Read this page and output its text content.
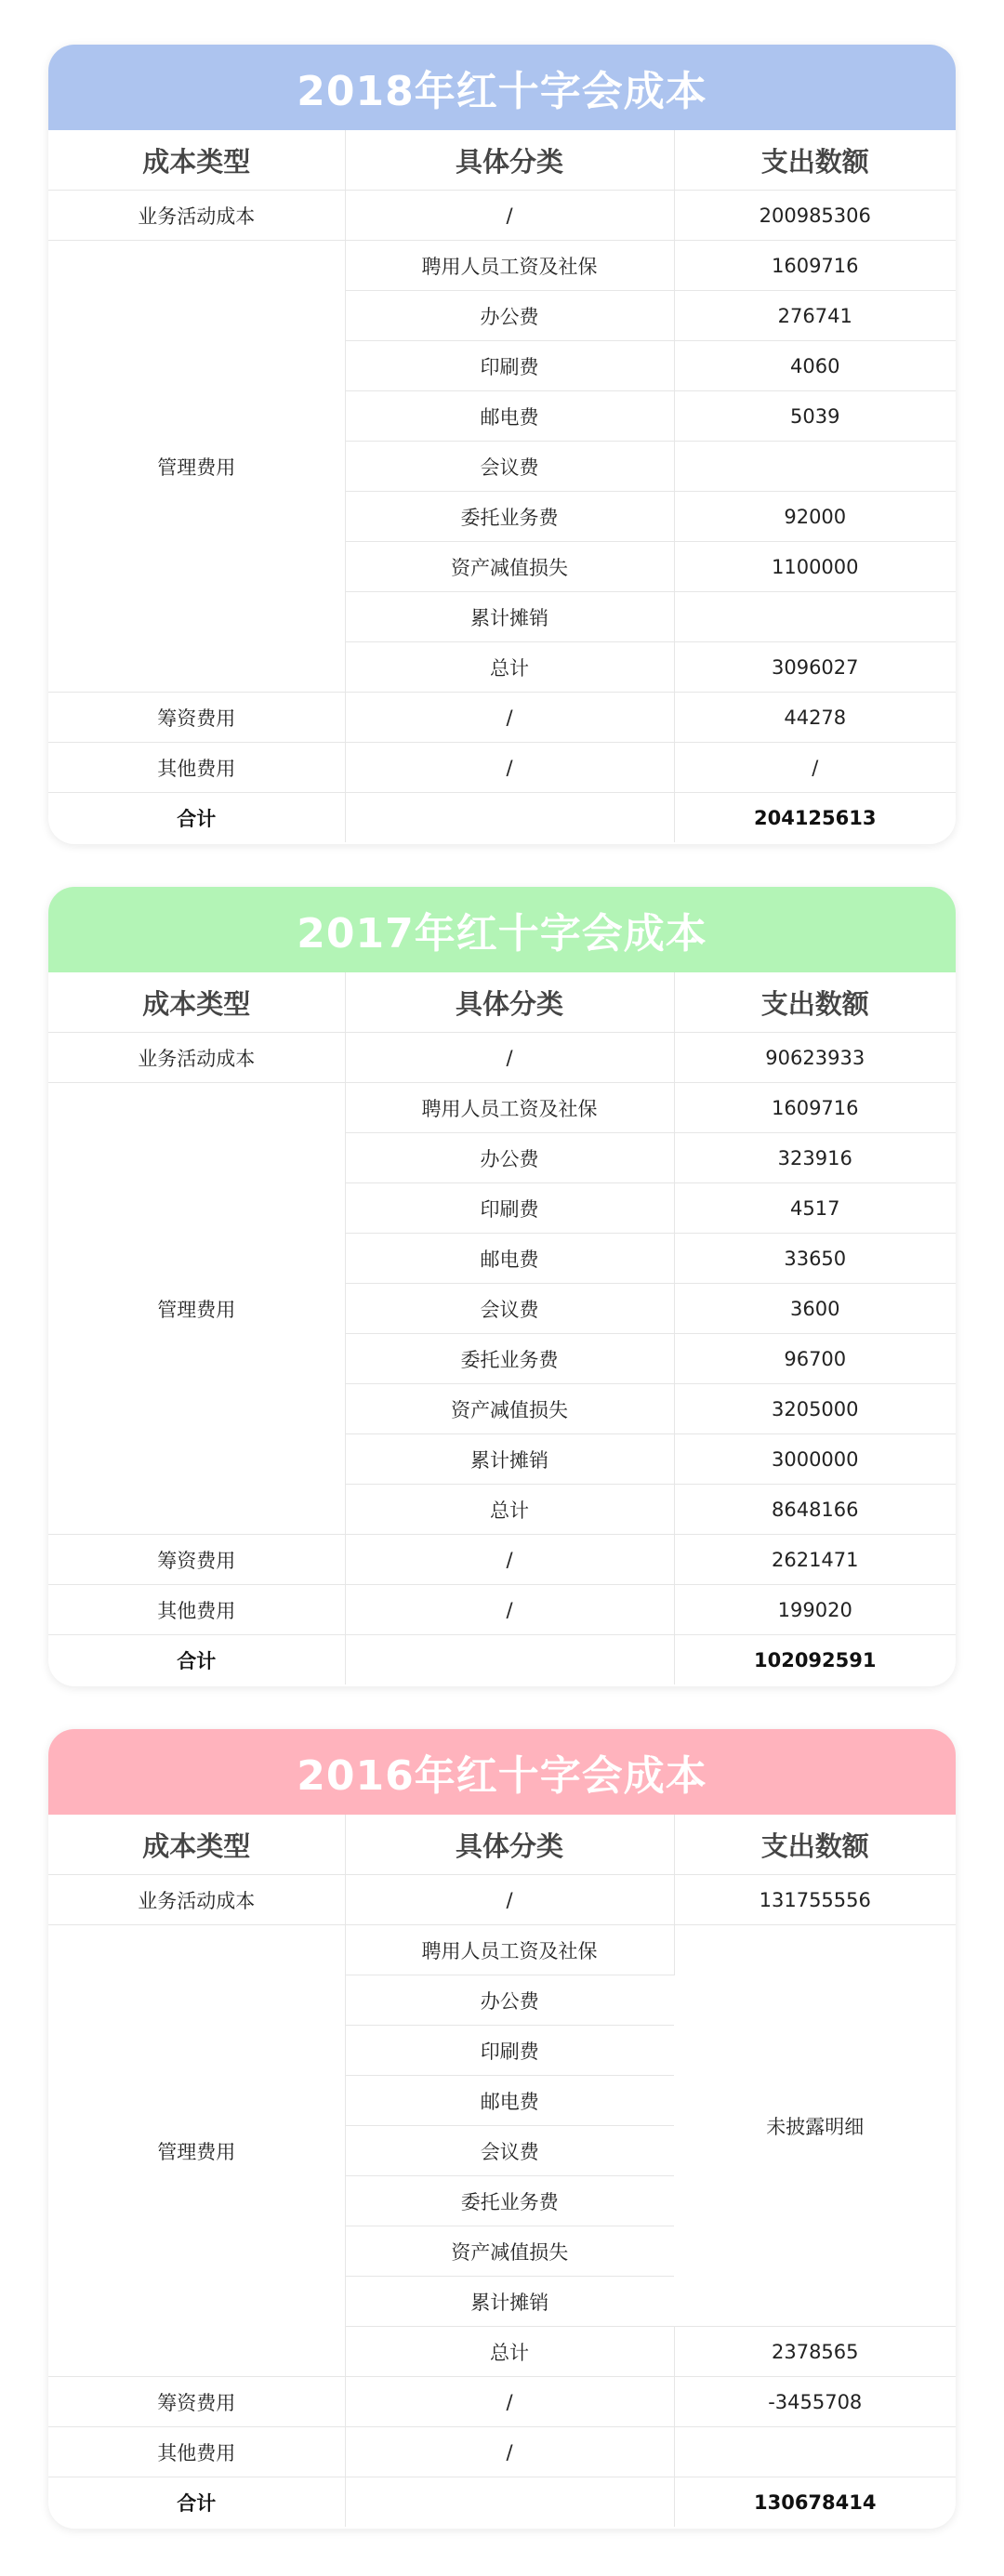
2018年红十字会成本
成本类型	具体分类	支出数额
业务活动成本	/	200985306
管理费用	聘用人员工资及社保	1609716
	办公费	276741
	印刷费	4060
	邮电费	5039
	会议费	
	委托业务费	92000
	资产减值损失	1100000
	累计摊销	
	总计	3096027
筹资费用	/	44278
其他费用	/	/
合计		204125613
2017年红十字会成本
成本类型	具体分类	支出数额
业务活动成本	/	90623933
管理费用	聘用人员工资及社保	1609716
	办公费	323916
	印刷费	4517
	邮电费	33650
	会议费	3600
	委托业务费	96700
	资产减值损失	3205000
	累计摊销	3000000
	总计	8648166
筹资费用	/	2621471
其他费用	/	199020
合计		102092591
2016年红十字会成本
成本类型	具体分类	支出数额
业务活动成本	/	131755556
管理费用	聘用人员工资及社保	未披露明细
	办公费	
	印刷费	
	邮电费	
	会议费	
	委托业务费	
	资产减值损失	
	累计摊销	
	总计	2378565
筹资费用	/	-3455708
其他费用	/	
合计		130678414
